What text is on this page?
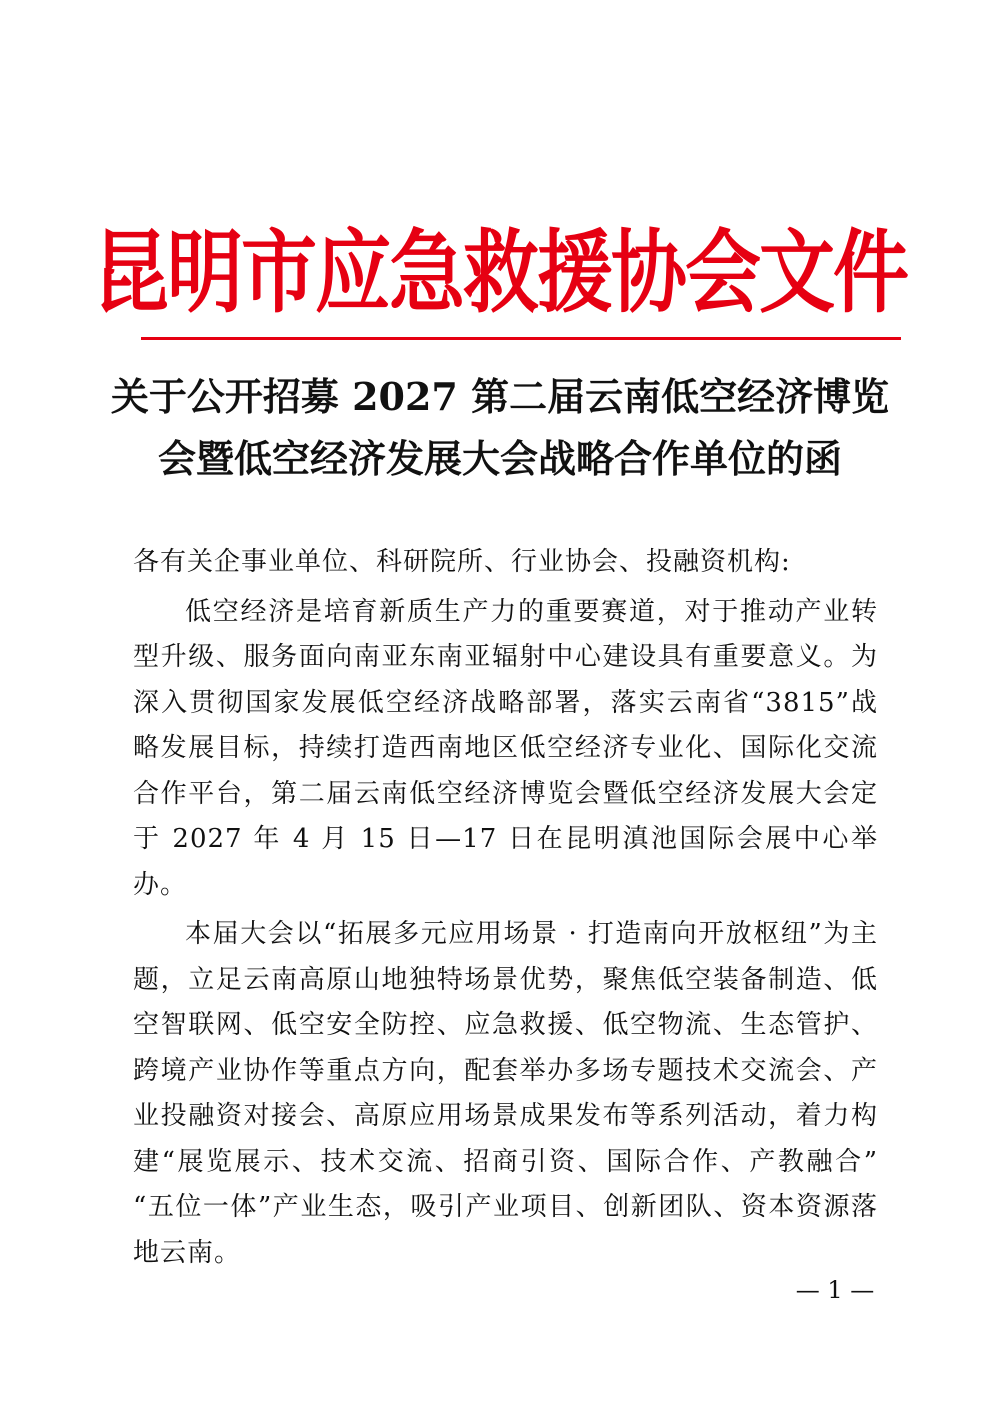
昆明市应急救援协会文件
关于公开招募 2027 第二届云南低空经济博览
会暨低空经济发展大会战略合作单位的函

各有关企事业单位、科研院所、行业协会、投融资机构:

低空经济是培育新质生产力的重要赛道，对于推动产业转型升级、服务面向南亚东南亚辐射中心建设具有重要意义。为深入贯彻国家发展低空经济战略部署，落实云南省“3815”战略发展目标，持续打造西南地区低空经济专业化、国际化交流合作平台，第二届云南低空经济博览会暨低空经济发展大会定于 2027 年 4 月 15 日—17 日在昆明滇池国际会展中心举办。

本届大会以“拓展多元应用场景 · 打造南向开放枢纽”为主题，立足云南高原山地独特场景优势，聚焦低空装备制造、低空智联网、低空安全防控、应急救援、低空物流、生态管护、跨境产业协作等重点方向，配套举办多场专题技术交流会、产业投融资对接会、高原应用场景成果发布等系列活动，着力构建“展览展示、技术交流、招商引资、国际合作、产教融合” “五位一体”产业生态，吸引产业项目、创新团队、资本资源落地云南。

— 1 —
